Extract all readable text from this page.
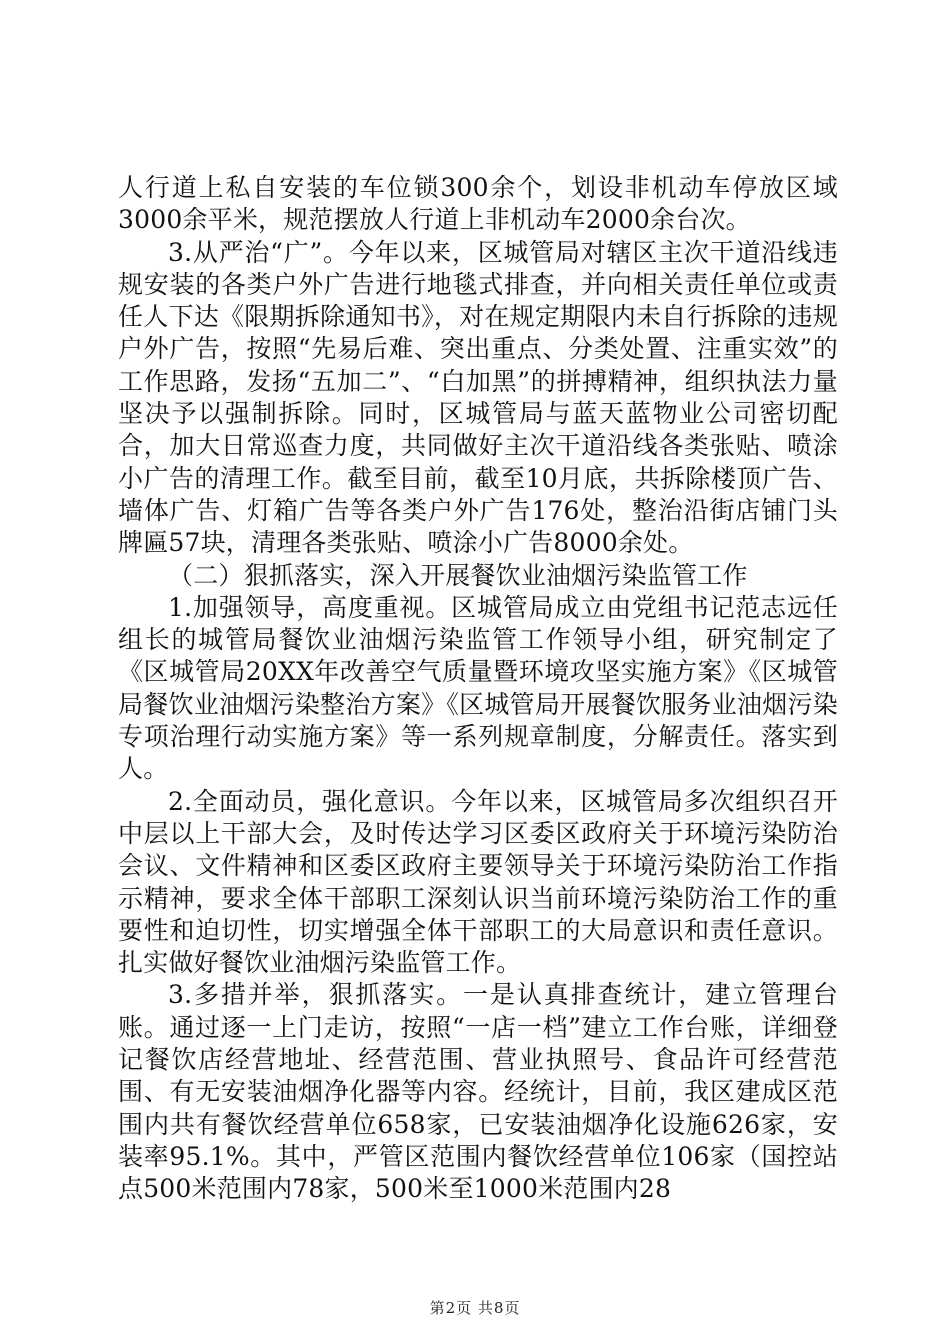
人行道上私自安装的车位锁300余个，划设非机动车停放区域3000余平米，规范摆放人行道上非机动车2000余台次。

3.从严治“广”。今年以来，区城管局对辖区主次干道沿线违规安装的各类户外广告进行地毯式排查，并向相关责任单位或责任人下达《限期拆除通知书》，对在规定期限内未自行拆除的违规户外广告，按照“先易后难、突出重点、分类处置、注重实效”的工作思路，发扬“五加二”、“白加黑”的拼搏精神，组织执法力量坚决予以强制拆除。同时，区城管局与蓝天蓝物业公司密切配合，加大日常巡查力度，共同做好主次干道沿线各类张贴、喷涂小广告的清理工作。截至目前，截至10月底，共拆除楼顶广告、墙体广告、灯箱广告等各类户外广告176处，整治沿街店铺门头牌匾57块，清理各类张贴、喷涂小广告8000余处。

（二）狠抓落实，深入开展餐饮业油烟污染监管工作

1.加强领导，高度重视。区城管局成立由党组书记范志远任组长的城管局餐饮业油烟污染监管工作领导小组，研究制定了《区城管局20XX年改善空气质量暨环境攻坚实施方案》《区城管局餐饮业油烟污染整治方案》《区城管局开展餐饮服务业油烟污染专项治理行动实施方案》等一系列规章制度，分解责任。落实到人。

2.全面动员，强化意识。今年以来，区城管局多次组织召开中层以上干部大会，及时传达学习区委区政府关于环境污染防治会议、文件精神和区委区政府主要领导关于环境污染防治工作指示精神，要求全体干部职工深刻认识当前环境污染防治工作的重要性和迫切性，切实增强全体干部职工的大局意识和责任意识。扎实做好餐饮业油烟污染监管工作。

3.多措并举，狠抓落实。一是认真排查统计，建立管理台账。通过逐一上门走访，按照“一店一档”建立工作台账，详细登记餐饮店经营地址、经营范围、营业执照号、食品许可经营范围、有无安装油烟净化器等内容。经统计，目前，我区建成区范围内共有餐饮经营单位658家，已安装油烟净化设施626家，安装率95.1%。其中，严管区范围内餐饮经营单位106家（国控站点500米范围内78家，500米至1000米范围内28

第2页 共8页
